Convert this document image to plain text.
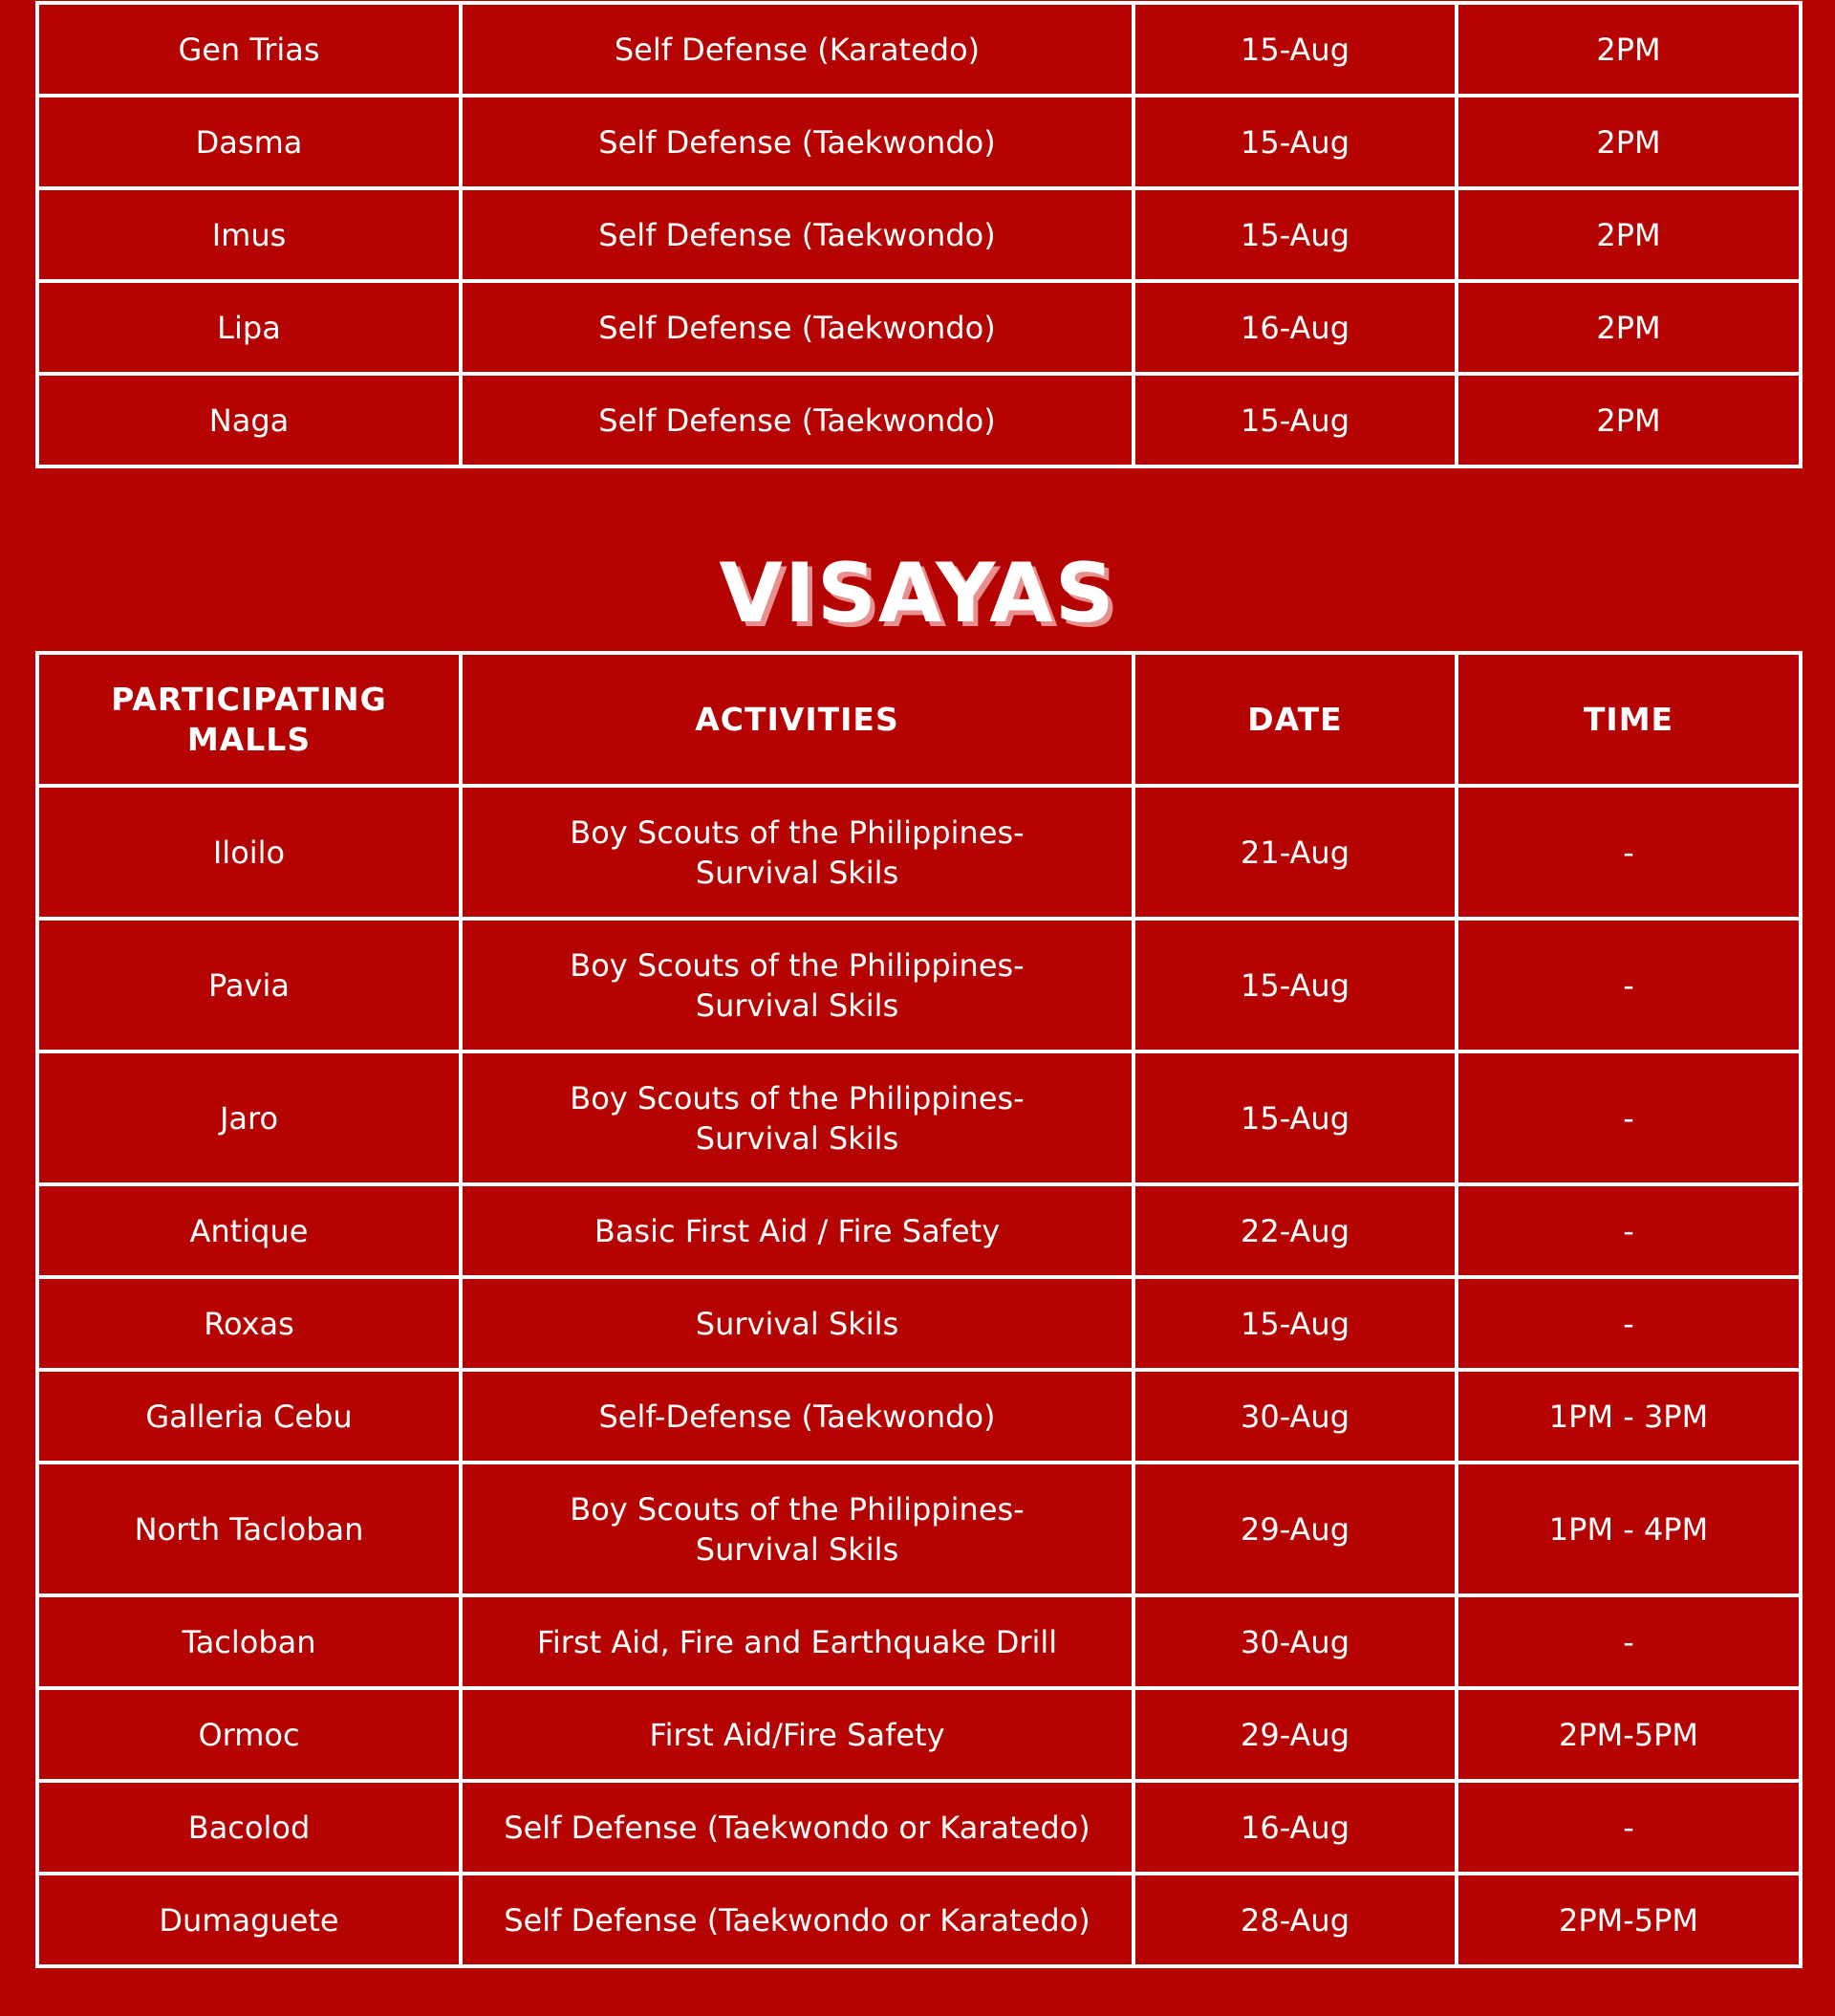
Gen Trias	Self Defense (Karatedo)	15-Aug	2PM
Dasma	Self Defense (Taekwondo)	15-Aug	2PM
Imus	Self Defense (Taekwondo)	15-Aug	2PM
Lipa	Self Defense (Taekwondo)	16-Aug	2PM
Naga	Self Defense (Taekwondo)	15-Aug	2PM
VISAYAS
PARTICIPATING MALLS	ACTIVITIES	DATE	TIME
Iloilo	Boy Scouts of the Philippines-
Survival Skils	21-Aug	-
Pavia	Boy Scouts of the Philippines-
Survival Skils	15-Aug	-
Jaro	Boy Scouts of the Philippines-
Survival Skils	15-Aug	-
Antique	Basic First Aid / Fire Safety	22-Aug	-
Roxas	Survival Skils	15-Aug	-
Galleria Cebu	Self-Defense (Taekwondo)	30-Aug	1PM - 3PM
North Tacloban	Boy Scouts of the Philippines-
Survival Skils	29-Aug	1PM - 4PM
Tacloban	First Aid, Fire and Earthquake Drill	30-Aug	-
Ormoc	First Aid/Fire Safety	29-Aug	2PM-5PM
Bacolod	Self Defense (Taekwondo or Karatedo)	16-Aug	-
Dumaguete	Self Defense (Taekwondo or Karatedo)	28-Aug	2PM-5PM
